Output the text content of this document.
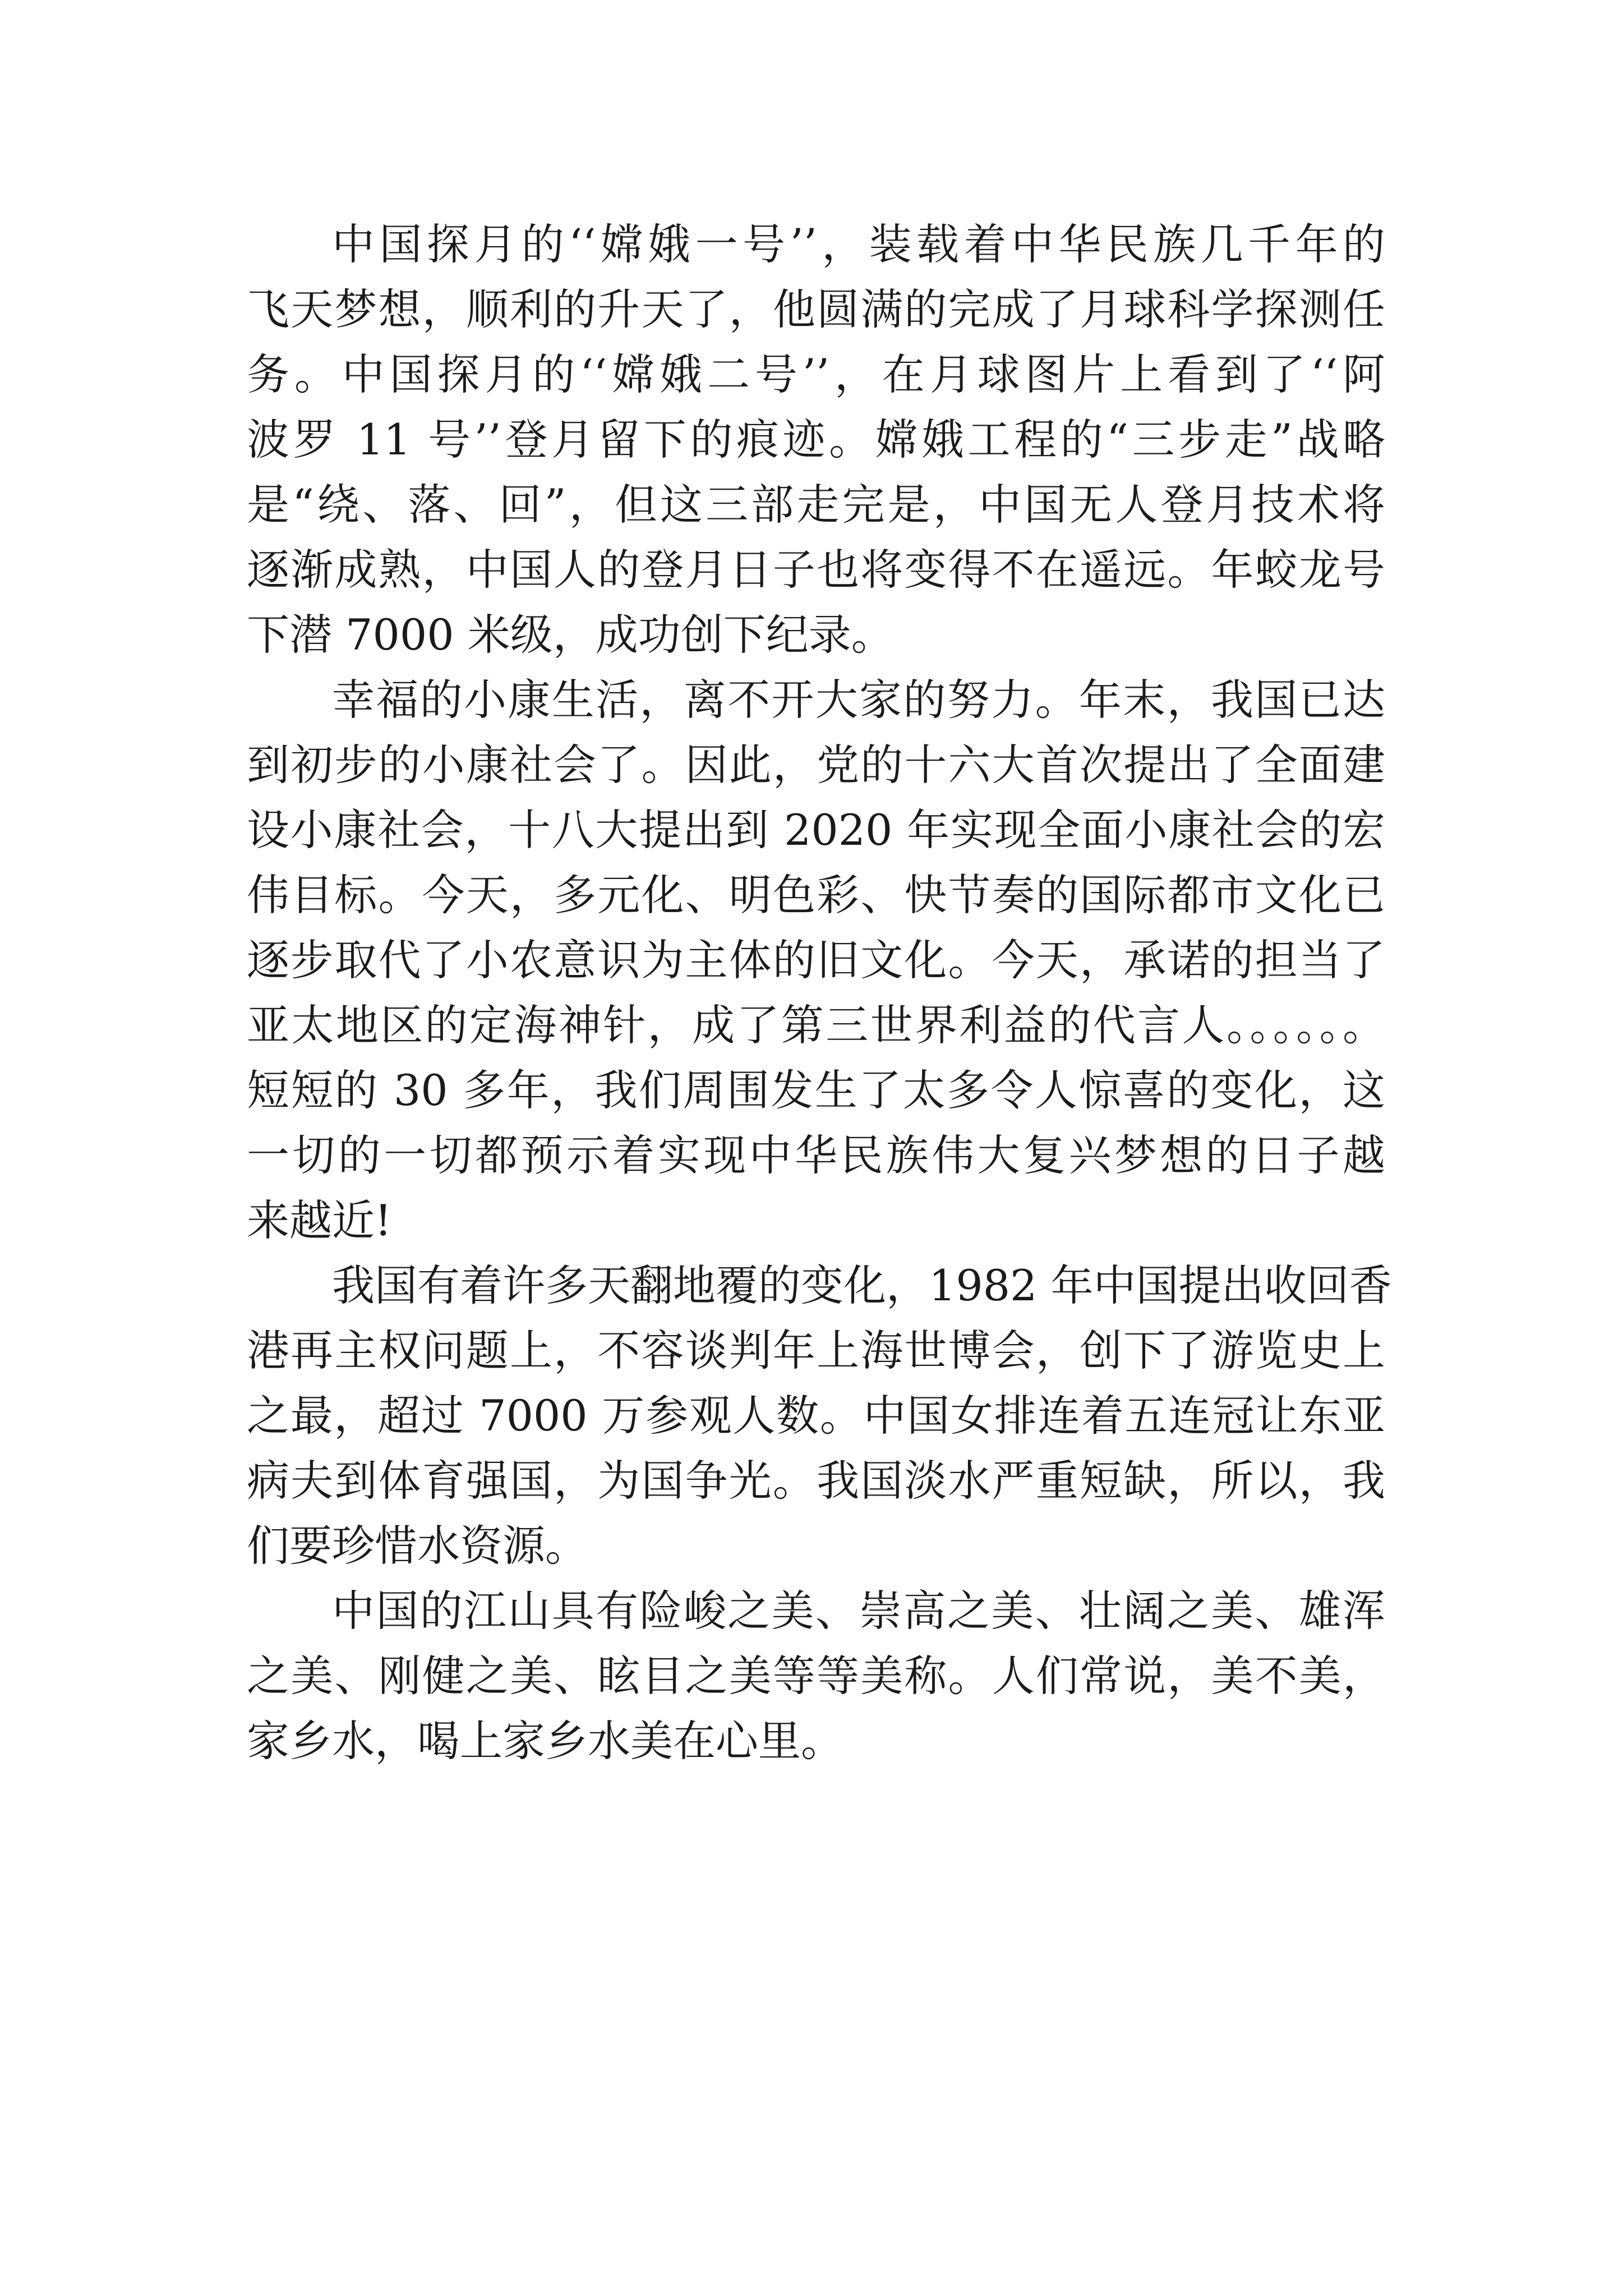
中国探月的‘‘嫦娥一号’’，装载着中华民族几千年的
飞天梦想，顺利的升天了，他圆满的完成了月球科学探测任
务。中国探月的‘‘嫦娥二号’’，在月球图片上看到了‘‘阿
波罗 11 号’’登月留下的痕迹。嫦娥工程的“三步走”战略
是“绕、落、回”，但这三部走完是，中国无人登月技术将
逐渐成熟，中国人的登月日子也将变得不在遥远。年蛟龙号
下潜 7000 米级，成功创下纪录。
幸福的小康生活，离不开大家的努力。年末，我国已达
到初步的小康社会了。因此，党的十六大首次提出了全面建
设小康社会，十八大提出到 2020 年实现全面小康社会的宏
伟目标。今天，多元化、明色彩、快节奏的国际都市文化已
逐步取代了小农意识为主体的旧文化。今天，承诺的担当了
亚太地区的定海神针，成了第三世界利益的代言人。。。。。。
短短的 30 多年，我们周围发生了太多令人惊喜的变化，这
一切的一切都预示着实现中华民族伟大复兴梦想的日子越
来越近!
我国有着许多天翻地覆的变化，1982 年中国提出收回香
港再主权问题上，不容谈判年上海世博会，创下了游览史上
之最，超过 7000 万参观人数。中国女排连着五连冠让东亚
病夫到体育强国，为国争光。我国淡水严重短缺，所以，我
们要珍惜水资源。
中国的江山具有险峻之美、崇高之美、壮阔之美、雄浑
之美、刚健之美、眩目之美等等美称。人们常说，美不美，
家乡水，喝上家乡水美在心里。
